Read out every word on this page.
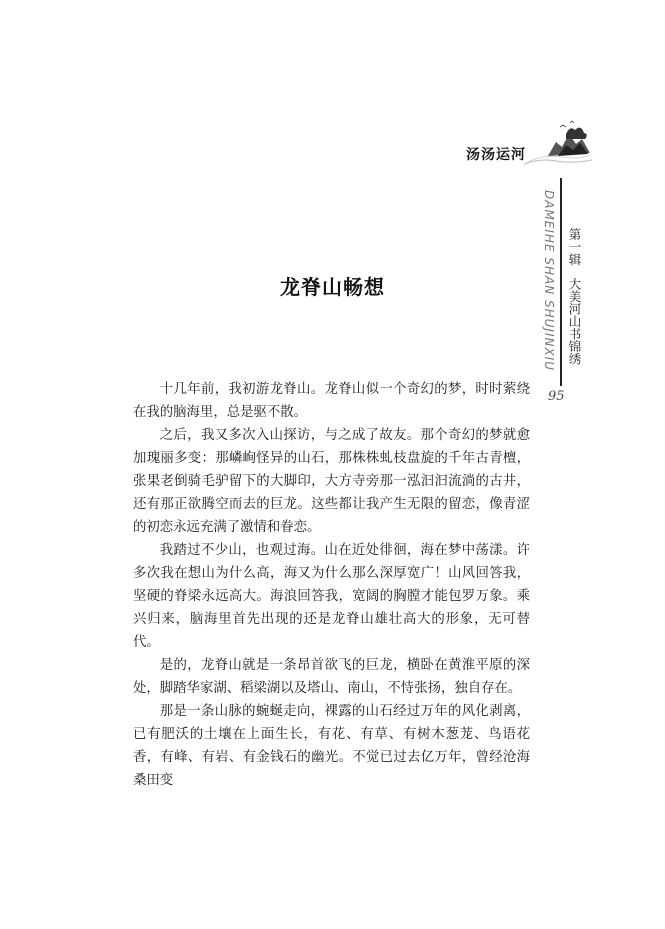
汤汤运河
DAMEIHE SHAN SHUJINXIU 第一辑大美河山书锦绣
95
龙脊山畅想

十几年前，我初游龙脊山。龙脊山似一个奇幻的梦，时时萦绕在我的脑海里，总是驱不散。

之后，我又多次入山探访，与之成了故友。那个奇幻的梦就愈加瑰丽多变：那嶙峋怪异的山石，那株株虬枝盘旋的千年古青檀，张果老倒骑毛驴留下的大脚印，大方寺旁那一泓汩汩流淌的古井，还有那正欲腾空而去的巨龙。这些都让我产生无限的留恋，像青涩的初恋永远充满了激情和眷恋。

我踏过不少山，也观过海。山在近处徘徊，海在梦中荡漾。许多次我在想山为什么高，海又为什么那么深厚宽广！山风回答我，坚硬的脊梁永远高大。海浪回答我，宽阔的胸膛才能包罗万象。乘兴归来，脑海里首先出现的还是龙脊山雄壮高大的形象，无可替代。

是的，龙脊山就是一条昂首欲飞的巨龙，横卧在黄淮平原的深处，脚踏华家湖、稻梁湖以及塔山、南山，不恃张扬，独自存在。

那是一条山脉的蜿蜒走向，裸露的山石经过万年的风化剥离，已有肥沃的土壤在上面生长，有花、有草、有树木葱茏、鸟语花香，有峰、有岩、有金钱石的幽光。不觉已过去亿万年，曾经沧海桑田变
